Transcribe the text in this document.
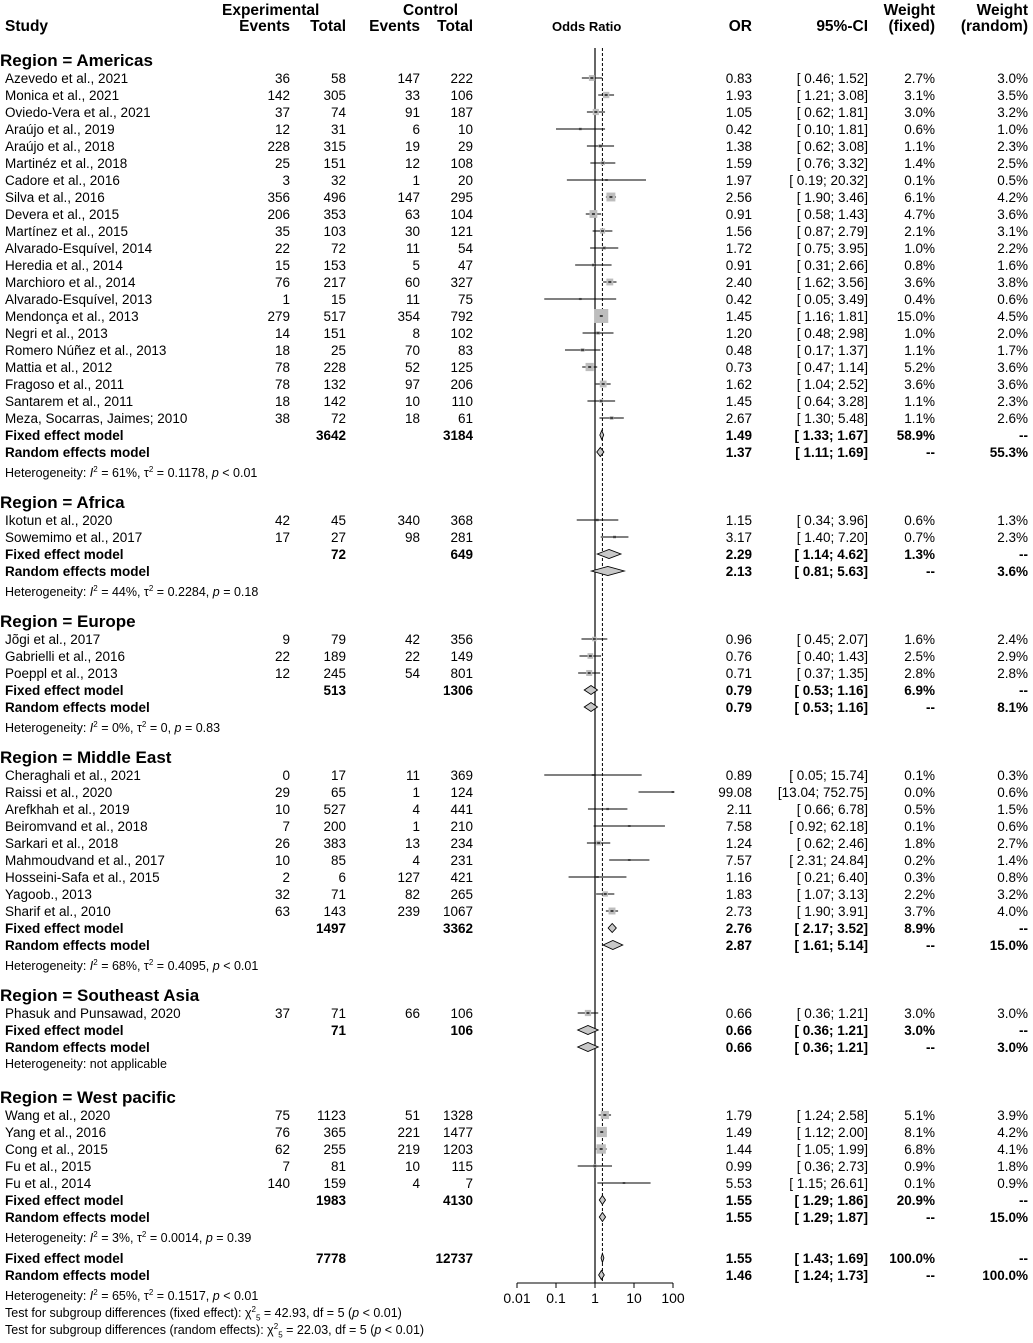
Study
Experimental
Events	Total
Control
Events	Total	Odds Ratio	OR	95%-CI
Weight
(fixed)
Weight
(random)
Region = Americas
Azevedo et al., 2021	36	58	147	222	0.83	[ 0.46; 1.52]	2.7%	3.0%
Monica et al., 2021	142	305	33	106	1.93	[ 1.21; 3.08]	3.1%	3.5%
Oviedo-Vera et al., 2021	37	74	91	187	1.05	[ 0.62; 1.81]	3.0%	3.2%
Araújo et al., 2019	12	31	6	10	0.42	[ 0.10; 1.81]	0.6%	1.0%
Araújo et al., 2018	228	315	19	29	1.38	[ 0.62; 3.08]	1.1%	2.3%
Martinéz et al., 2018	25	151	12	108	1.59	[ 0.76; 3.32]	1.4%	2.5%
Cadore et al., 2016	3	32	1	20	1.97	[ 0.19; 20.32]	0.1%	0.5%
Silva et al., 2016	356	496	147	295	2.56	[ 1.90; 3.46]	6.1%	4.2%
Devera et al., 2015	206	353	63	104	0.91	[ 0.58; 1.43]	4.7%	3.6%
Martínez et al., 2015	35	103	30	121	1.56	[ 0.87; 2.79]	2.1%	3.1%
Alvarado-Esquível, 2014	22	72	11	54	1.72	[ 0.75; 3.95]	1.0%	2.2%
Heredia et al., 2014	15	153	5	47	0.91	[ 0.31; 2.66]	0.8%	1.6%
Marchioro et al., 2014	76	217	60	327	2.40	[ 1.62; 3.56]	3.6%	3.8%
Alvarado-Esquível, 2013	1	15	11	75	0.42	[ 0.05; 3.49]	0.4%	0.6%
Mendonça et al., 2013	279	517	354	792	1.45	[ 1.16; 1.81]	15.0%	4.5%
Negri et al., 2013	14	151	8	102	1.20	[ 0.48; 2.98]	1.0%	2.0%
Romero Núñez et al., 2013	18	25	70	83	0.48	[ 0.17; 1.37]	1.1%	1.7%
Mattia et al., 2012	78	228	52	125	0.73	[ 0.47; 1.14]	5.2%	3.6%
Fragoso et al., 2011	78	132	97	206	1.62	[ 1.04; 2.52]	3.6%	3.6%
Santarem et al., 2011	18	142	10	110	1.45	[ 0.64; 3.28]	1.1%	2.3%
Meza, Socarras, Jaimes; 2010	38	72	18	61	2.67	[ 1.30; 5.48]	1.1%	2.6%
Fixed effect model	3642	3184	1.49	[ 1.33; 1.67]	58.9%	--
Random effects model	1.37	[ 1.11; 1.69]	--	55.3%
Heterogeneity: $I^2 = 61\%$, $\tau^2 = 0.1178$, p < 0.01
Region = Africa
Ikotun et al., 2020	42	45	340	368	1.15	[ 0.34; 3.96]	0.6%	1.3%
Sowemimo et al., 2017	17	27	98	281	3.17	[ 1.40; 7.20]	0.7%	2.3%
Fixed effect model	72	649	2.29	[ 1.14; 4.62]	1.3%	--
Random effects model	2.13	[ 0.81; 5.63]	--	3.6%
Heterogeneity: $I^2 = 44\%$, $\tau^2 = 0.2284$, p = 0.18
Region = Europe
Jõgi et al., 2017	9	79	42	356	0.96	[ 0.45; 2.07]	1.6%	2.4%
Gabrielli et al., 2016	22	189	22	149	0.76	[ 0.40; 1.43]	2.5%	2.9%
Poeppl et al., 2013	12	245	54	801	0.71	[ 0.37; 1.35]	2.8%	2.8%
Fixed effect model	513	1306	0.79	[ 0.53; 1.16]	6.9%	--
Random effects model	0.79	[ 0.53; 1.16]	--	8.1%
Heterogeneity: $I^2 = 0\%$, $\tau^2 = 0$, p = 0.83
Region = Middle East
Cheraghali et al., 2021	0	17	11	369	0.89	[ 0.05; 15.74]	0.1%	0.3%
Raissi et al., 2020	29	65	1	124	99.08	[13.04; 752.75]	0.0%	0.6%
Arefkhah et al., 2019	10	527	4	441	2.11	[ 0.66; 6.78]	0.5%	1.5%
Beiromvand et al., 2018	7	200	1	210	7.58	[ 0.92; 62.18]	0.1%	0.6%
Sarkari et al., 2018	26	383	13	234	1.24	[ 0.62; 2.46]	1.8%	2.7%
Mahmoudvand et al., 2017	10	85	4	231	7.57	[ 2.31; 24.84]	0.2%	1.4%
Hosseini-Safa et al., 2015	2	6	127	421	1.16	[ 0.21; 6.40]	0.3%	0.8%
Yagoob., 2013	32	71	82	265	1.83	[ 1.07; 3.13]	2.2%	3.2%
Sharif et al., 2010	63	143	239	1067	2.73	[ 1.90; 3.91]	3.7%	4.0%
Fixed effect model	1497	3362	2.76	[ 2.17; 3.52]	8.9%	--
Random effects model	2.87	[ 1.61; 5.14]	--	15.0%
Heterogeneity: $I^2 = 68\%$, $\tau^2 = 0.4095$, p < 0.01
Region = Southeast Asia
Phasuk and Punsawad, 2020	37	71	66	106	0.66	[ 0.36; 1.21]	3.0%	3.0%
Fixed effect model	71	106	0.66	[ 0.36; 1.21]	3.0%	--
Random effects model	0.66	[ 0.36; 1.21]	--	3.0%
Heterogeneity: not applicable
Region = West pacific
Wang et al., 2020	75	1123	51	1328	1.79	[ 1.24; 2.58]	5.1%	3.9%
Yang et al., 2016	76	365	221	1477	1.49	[ 1.12; 2.00]	8.1%	4.2%
Cong et al., 2015	62	255	219	1203	1.44	[ 1.05; 1.99]	6.8%	4.1%
Fu et al., 2015	7	81	10	115	0.99	[ 0.36; 2.73]	0.9%	1.8%
Fu et al., 2014	140	159	4	7	5.53	[ 1.15; 26.61]	0.1%	0.9%
Fixed effect model	1983	4130	1.55	[ 1.29; 1.86]	20.9%	--
Random effects model	1.55	[ 1.29; 1.87]	--	15.0%
Heterogeneity: $I^2 = 3\%$, $\tau^2 = 0.0014$, p = 0.39
Fixed effect model	7778	12737	1.55	[ 1.43; 1.69]	100.0%	--
Random effects model	1.46	[ 1.24; 1.73]	--	100.0%
Heterogeneity: $I^2 = 65\%$, $\tau^2 = 0.1517$, p < 0.01
Test for subgroup differences (fixed effect): $\chi^2_5 = 42.93$, df = 5 (p < 0.01)
Test for subgroup differences (random effects): $\chi^2_5 = 22.03$, df = 5 (p < 0.01)
0.01 0.1 1 10 100
